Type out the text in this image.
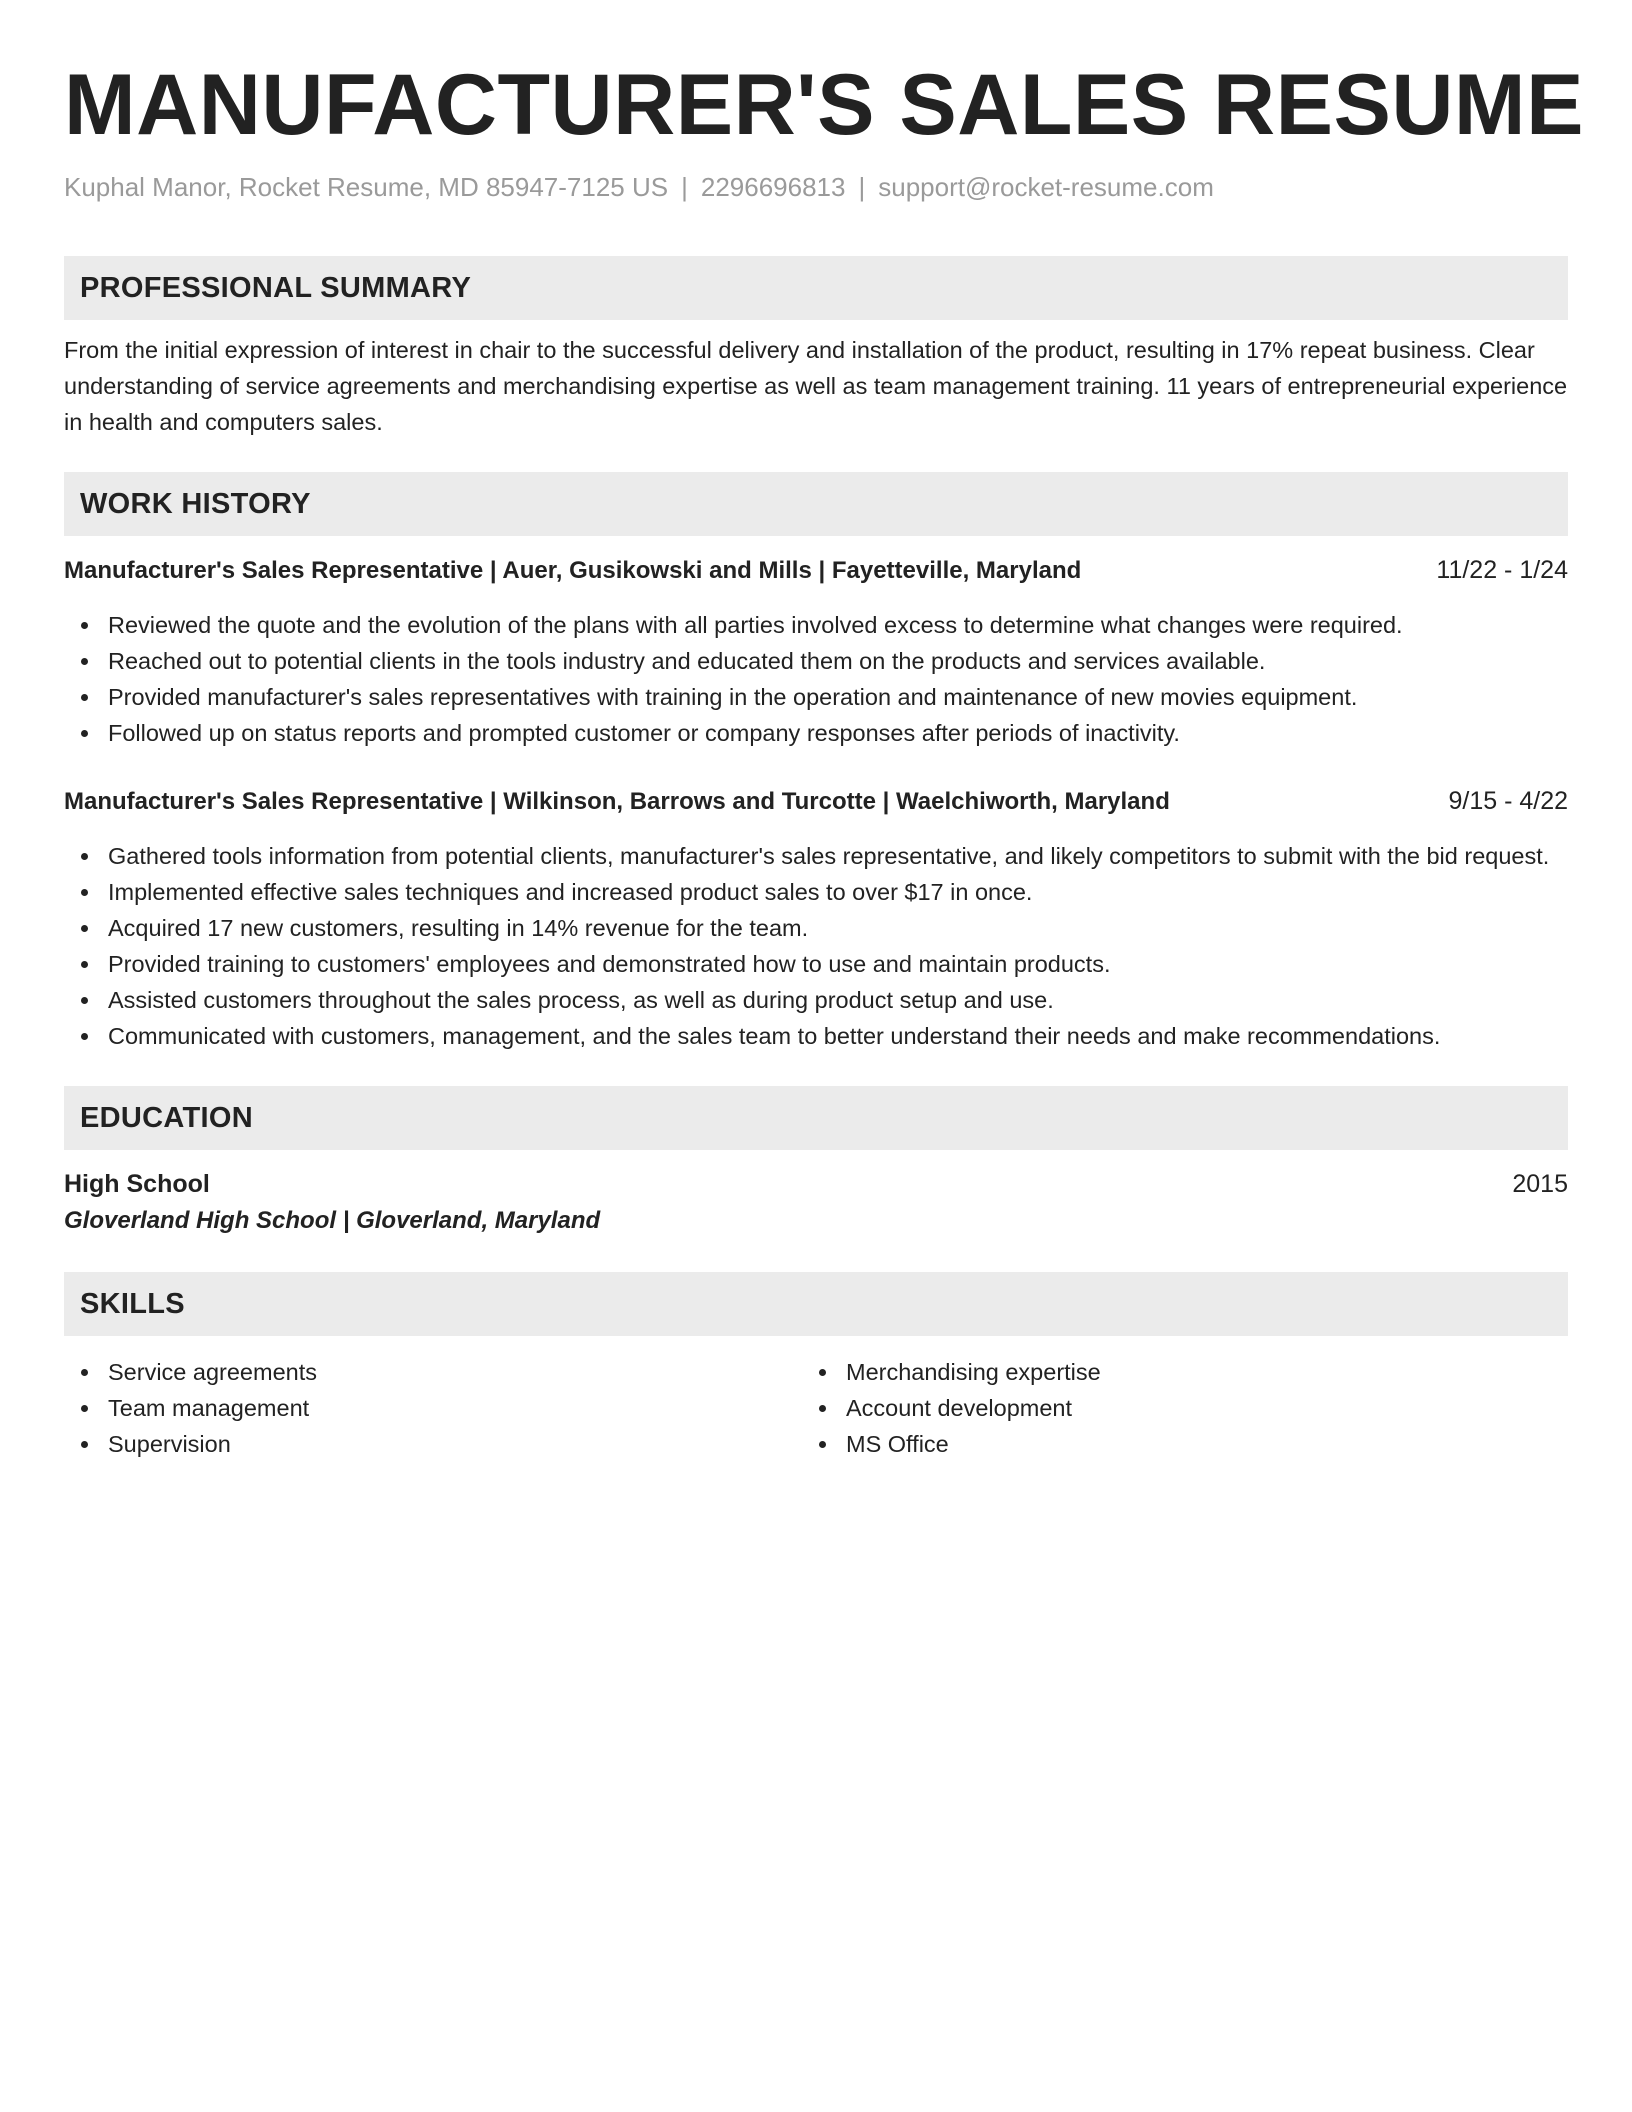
MANUFACTURER'S SALES RESUME
Kuphal Manor, Rocket Resume, MD 85947-7125 US | 2296696813 | support@rocket-resume.com
PROFESSIONAL SUMMARY
From the initial expression of interest in chair to the successful delivery and installation of the product, resulting in 17% repeat business. Clear understanding of service agreements and merchandising expertise as well as team management training. 11 years of entrepreneurial experience in health and computers sales.
WORK HISTORY
Manufacturer's Sales Representative | Auer, Gusikowski and Mills | Fayetteville, Maryland	11/22 - 1/24
Reviewed the quote and the evolution of the plans with all parties involved excess to determine what changes were required.
Reached out to potential clients in the tools industry and educated them on the products and services available.
Provided manufacturer's sales representatives with training in the operation and maintenance of new movies equipment.
Followed up on status reports and prompted customer or company responses after periods of inactivity.
Manufacturer's Sales Representative | Wilkinson, Barrows and Turcotte | Waelchiworth, Maryland	9/15 - 4/22
Gathered tools information from potential clients, manufacturer's sales representative, and likely competitors to submit with the bid request.
Implemented effective sales techniques and increased product sales to over $17 in once.
Acquired 17 new customers, resulting in 14% revenue for the team.
Provided training to customers' employees and demonstrated how to use and maintain products.
Assisted customers throughout the sales process, as well as during product setup and use.
Communicated with customers, management, and the sales team to better understand their needs and make recommendations.
EDUCATION
High School	2015
Gloverland High School | Gloverland, Maryland
SKILLS
Service agreements
Team management
Supervision
Merchandising expertise
Account development
MS Office
